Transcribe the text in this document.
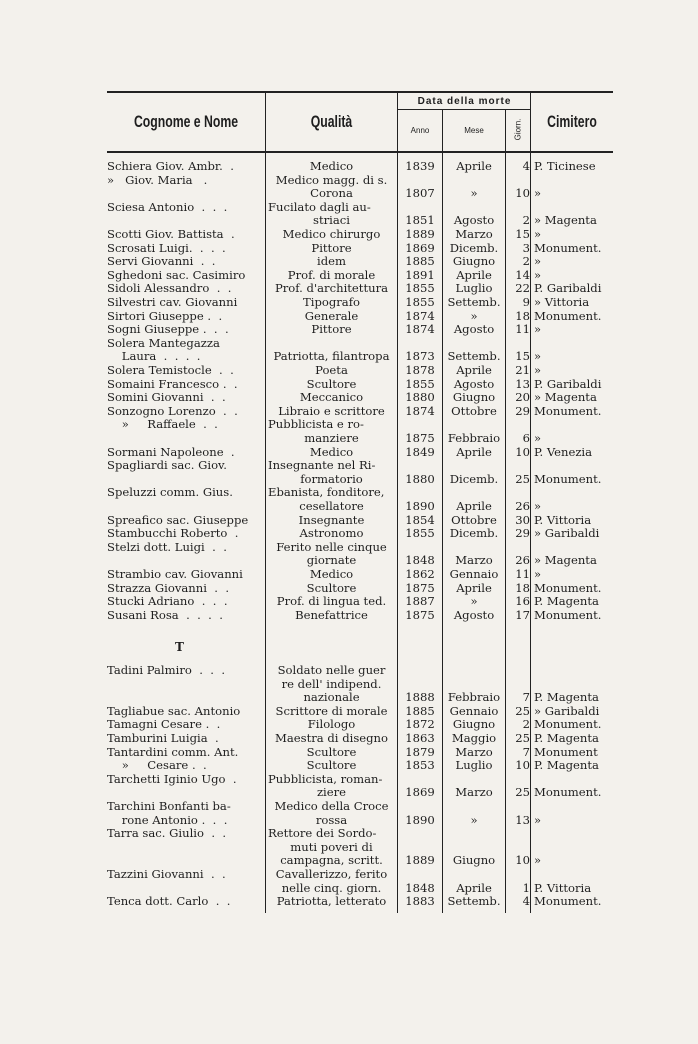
Cognome e Nome	Qualità
Data della morte
Anno	Mese	Giorn. Cimitero
T
Schiera Giov. Ambr.  .	Medico	1839	Aprile	4 P. Ticinese
»   Giov. Maria   .	Medico magg. di s.
Corona	1807	»	10 »
Sciesa Antonio  .  .  .	Fucilato dagli au-
striaci	1851	Agosto	2 » Magenta
Scotti Giov. Battista  .	Medico chirurgo	1889	Marzo	15 »
Scrosati Luigi.  .  .  .	Pittore	1869	Dicemb.	3 Monument.
Servi Giovanni  .  .	idem	1885	Giugno	2 »
Sghedoni sac. Casimiro	Prof. di morale	1891	Aprile	14 »
Sidoli Alessandro  .  .	Prof. d'architettura	1855	Luglio	22 P. Garibaldi
Silvestri cav. Giovanni	Tipografo	1855	Settemb.	9 » Vittoria
Sirtori Giuseppe .  .	Generale	1874	»	18 Monument.
Sogni Giuseppe .  .  .	Pittore	1874	Agosto	11 »
Solera Mantegazza
Laura  .  .  .  .	Patriotta, filantropa	1873	Settemb.	15 »
Solera Temistocle  .  .	Poeta	1878	Aprile	21 »
Somaini Francesco .  .	Scultore	1855	Agosto	13 P. Garibaldi
Somini Giovanni  .  .	Meccanico	1880	Giugno	20 » Magenta
Sonzogno Lorenzo  .  .	Libraio e scrittore	1874	Ottobre	29 Monument.
»     Raffaele  .  .	Pubblicista e ro-
manziere	1875	Febbraio	6 »
Sormani Napoleone  .	Medico	1849	Aprile	10 P. Venezia
Spagliardi sac. Giov.	Insegnante nel Ri-
formatorio	1880	Dicemb.	25 Monument.
Speluzzi comm. Gius.	Ebanista, fonditore,
cesellatore	1890	Aprile	26 »
Spreafico sac. Giuseppe	Insegnante	1854	Ottobre	30 P. Vittoria
Stambucchi Roberto  .	Astronomo	1855	Dicemb.	29 » Garibaldi
Stelzi dott. Luigi  .  .	Ferito nelle cinque
giornate	1848	Marzo	26 » Magenta
Strambio cav. Giovanni	Medico	1862	Gennaio	11 »
Strazza Giovanni  .  .	Scultore	1875	Aprile	18 Monument.
Stucki Adriano  .  .  .	Prof. di lingua ted.	1887	»	16 P. Magenta
Susani Rosa  .  .  .  .	Benefattrice	1875	Agosto	17 Monument.
Tadini Palmiro  .  .  .	Soldato nelle guer
re dell' indipend.
nazionale	1888	Febbraio	7 P. Magenta
Tagliabue sac. Antonio	Scrittore di morale	1885	Gennaio	25 » Garibaldi
Tamagni Cesare .  .	Filologo	1872	Giugno	2 Monument.
Tamburini Luigia  .	Maestra di disegno	1863	Maggio	25 P. Magenta
Tantardini comm. Ant.	Scultore	1879	Marzo	7 Monument
»     Cesare .  .	Scultore	1853	Luglio	10 P. Magenta
Tarchetti Iginio Ugo  .	Pubblicista, roman-
ziere	1869	Marzo	25 Monument.
Tarchini Bonfanti ba-	Medico della Croce
rone Antonio .  .  .	rossa	1890	»	13 »
Tarra sac. Giulio  .  .	Rettore dei Sordo-
muti poveri di
campagna, scritt.	1889	Giugno	10 »
Tazzini Giovanni  .  .	Cavallerizzo, ferito
nelle cinq. giorn.	1848	Aprile	1 P. Vittoria
Tenca dott. Carlo  .  .	Patriotta, letterato	1883	Settemb.	4 Monument.
